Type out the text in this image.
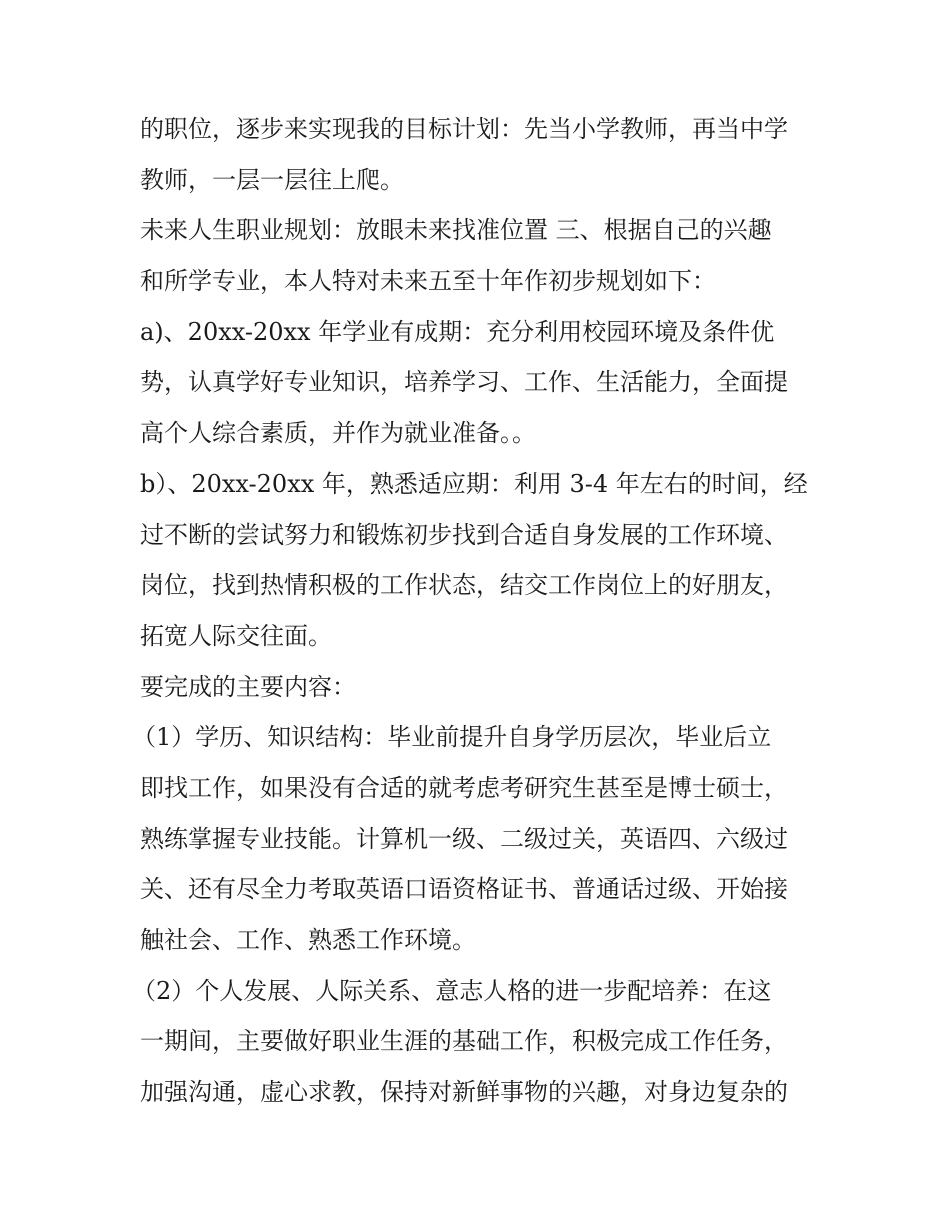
的职位，逐步来实现我的目标计划：先当小学教师，再当中学
教师，一层一层往上爬。
未来人生职业规划：放眼未来找准位置 三、根据自己的兴趣
和所学专业，本人特对未来五至十年作初步规划如下：
a)、20xx-20xx 年学业有成期：充分利用校园环境及条件优
势，认真学好专业知识，培养学习、工作、生活能力，全面提
高个人综合素质，并作为就业准备。。
b）、20xx-20xx 年，熟悉适应期：利用 3-4 年左右的时间，经
过不断的尝试努力和锻炼初步找到合适自身发展的工作环境、
岗位，找到热情积极的工作状态，结交工作岗位上的好朋友，
拓宽人际交往面。
要完成的主要内容：
（1）学历、知识结构：毕业前提升自身学历层次，毕业后立
即找工作，如果没有合适的就考虑考研究生甚至是博士硕士，
熟练掌握专业技能。计算机一级、二级过关，英语四、六级过
关、还有尽全力考取英语口语资格证书、普通话过级、开始接
触社会、工作、熟悉工作环境。
（2）个人发展、人际关系、意志人格的进一步配培养：在这
一期间，主要做好职业生涯的基础工作，积极完成工作任务，
加强沟通，虚心求教，保持对新鲜事物的兴趣，对身边复杂的
